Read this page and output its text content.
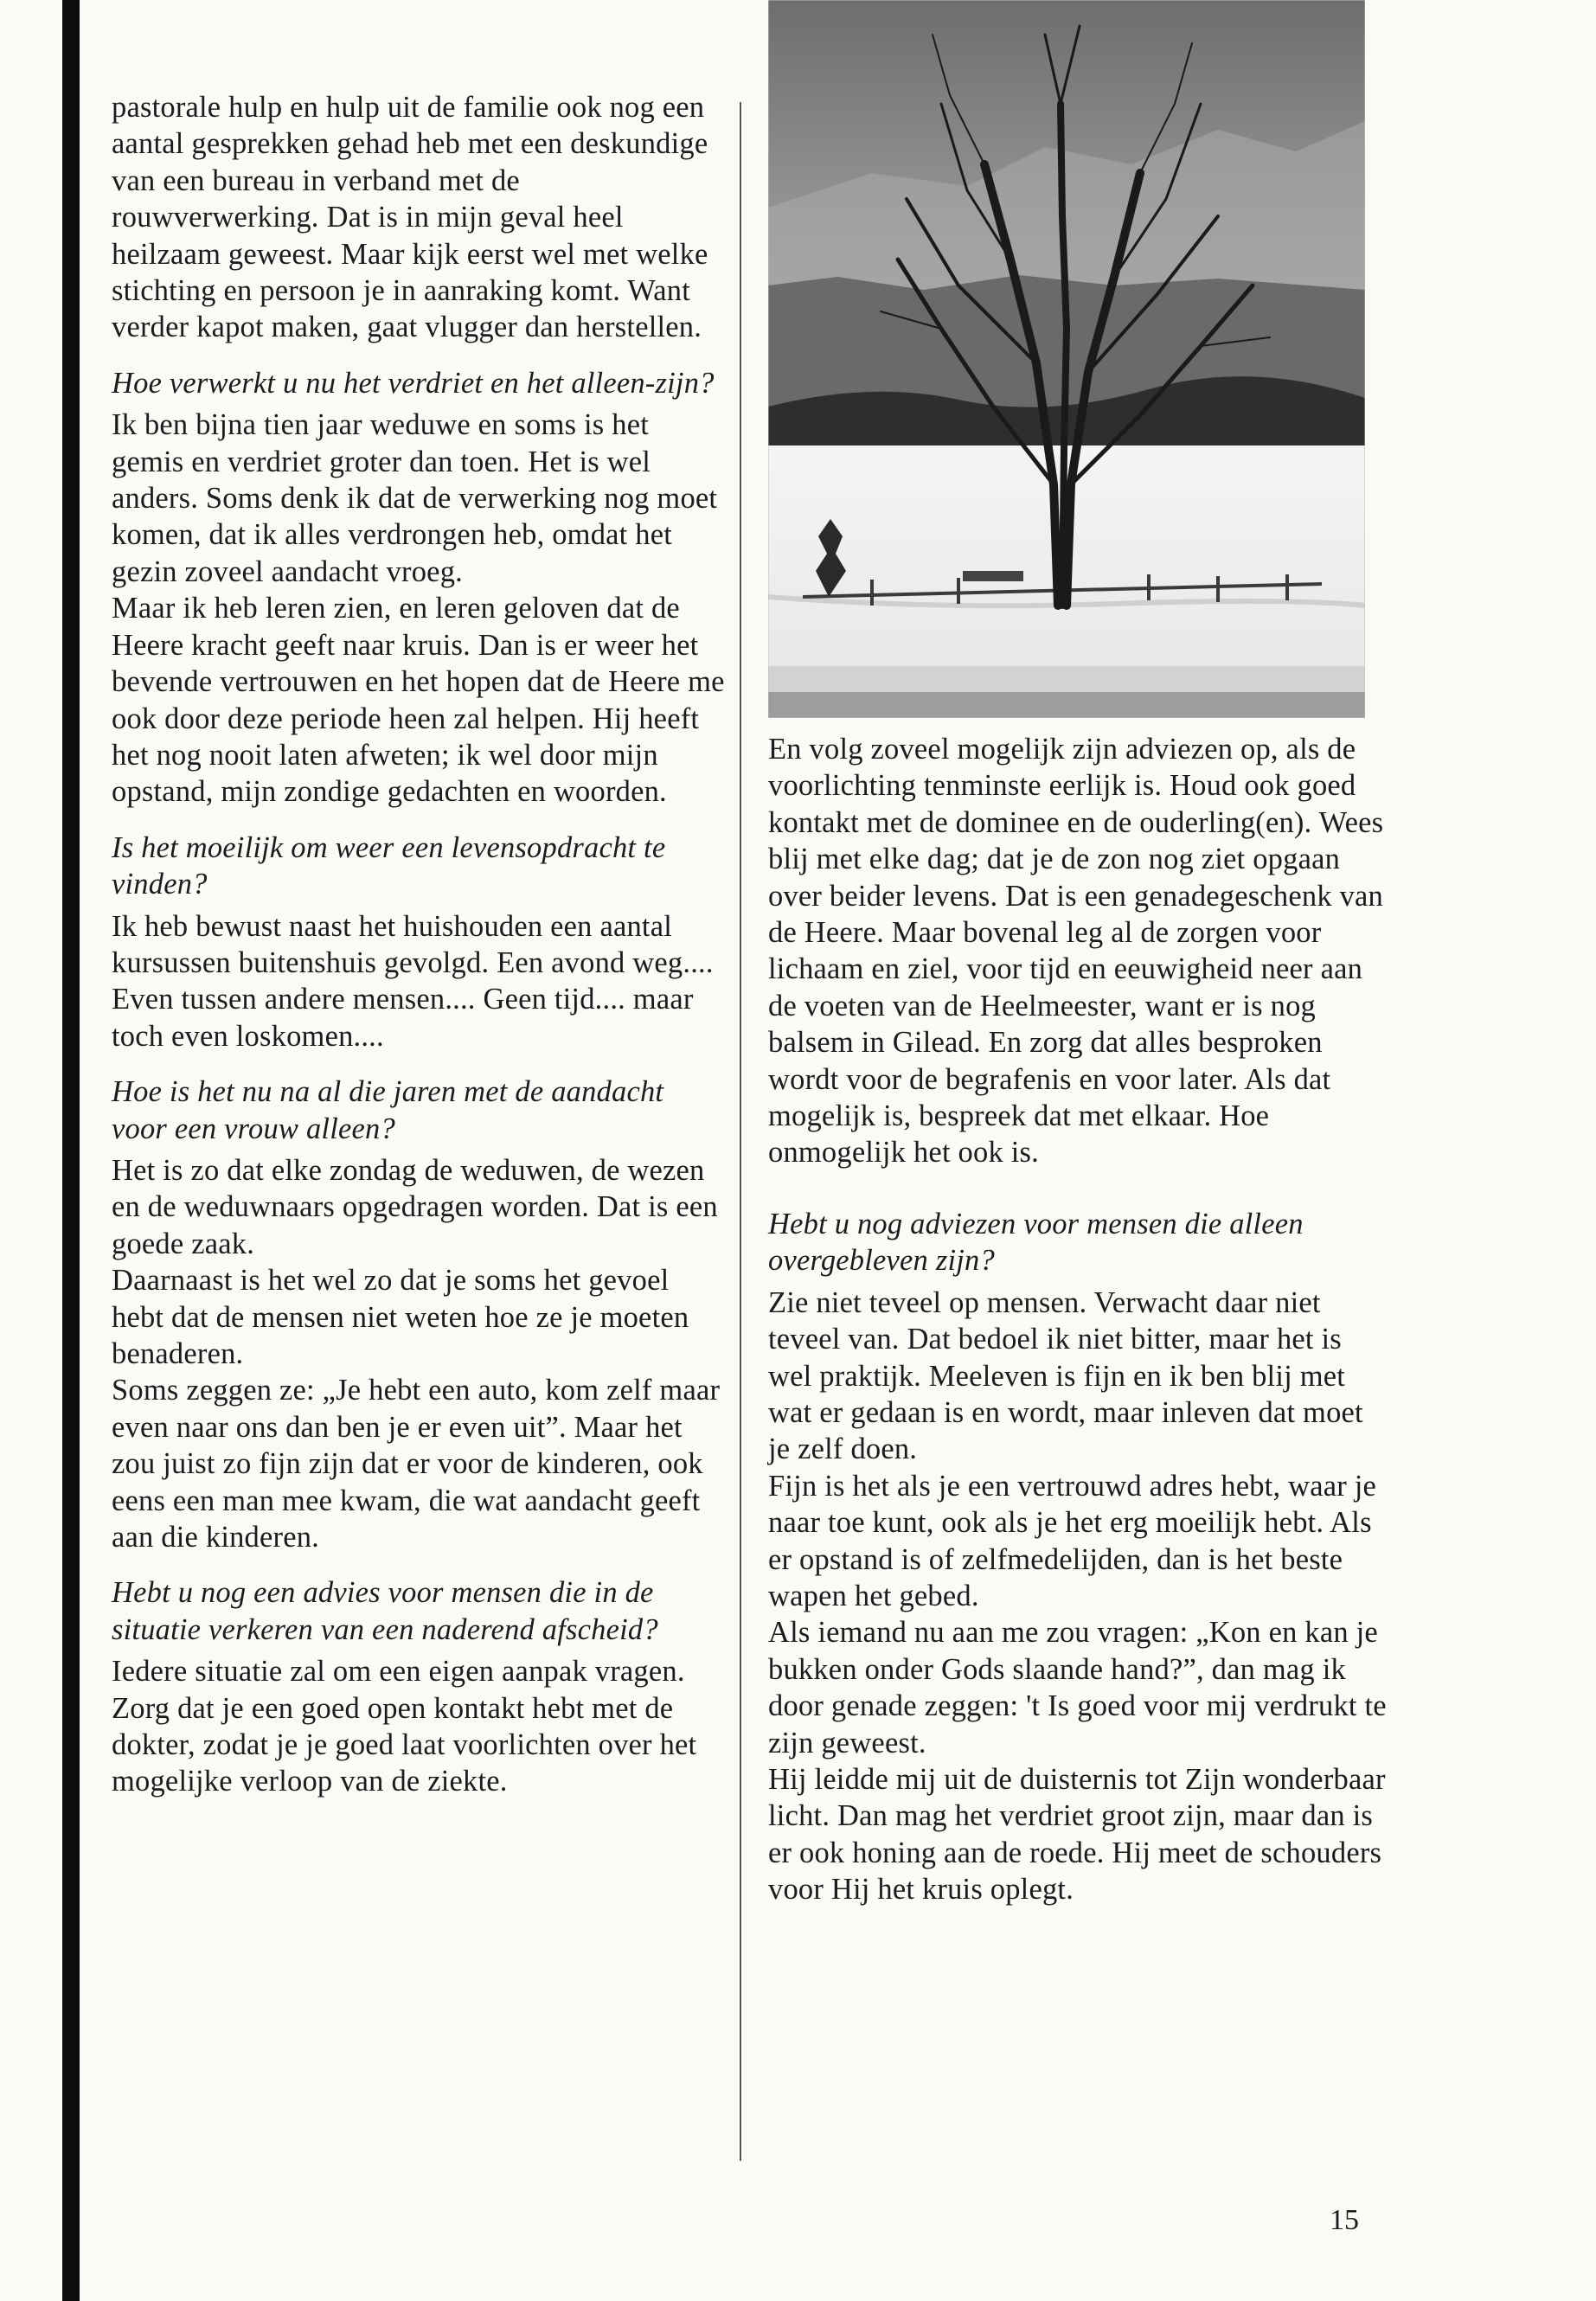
pastorale hulp en hulp uit de familie ook nog een aantal gesprekken gehad heb met een deskundige van een bureau in verband met de rouwverwerking. Dat is in mijn geval heel heilzaam geweest. Maar kijk eerst wel met welke stichting en persoon je in aanraking komt. Want verder kapot maken, gaat vlugger dan herstellen.

Hoe verwerkt u nu het verdriet en het alleen-zijn?

Ik ben bijna tien jaar weduwe en soms is het gemis en verdriet groter dan toen. Het is wel anders. Soms denk ik dat de verwerking nog moet komen, dat ik alles verdrongen heb, omdat het gezin zoveel aandacht vroeg.

Maar ik heb leren zien, en leren geloven dat de Heere kracht geeft naar kruis. Dan is er weer het bevende vertrouwen en het hopen dat de Heere me ook door deze periode heen zal helpen. Hij heeft het nog nooit laten afweten; ik wel door mijn opstand, mijn zondige gedachten en woorden.

Is het moeilijk om weer een levensopdracht te vinden?

Ik heb bewust naast het huishouden een aantal kursussen buitenshuis gevolgd. Een avond weg.... Even tussen andere mensen.... Geen tijd.... maar toch even loskomen....

Hoe is het nu na al die jaren met de aandacht voor een vrouw alleen?

Het is zo dat elke zondag de weduwen, de wezen en de weduwnaars opgedragen worden. Dat is een goede zaak.

Daarnaast is het wel zo dat je soms het gevoel hebt dat de mensen niet weten hoe ze je moeten benaderen.

Soms zeggen ze: „Je hebt een auto, kom zelf maar even naar ons dan ben je er even uit”. Maar het zou juist zo fijn zijn dat er voor de kinderen, ook eens een man mee kwam, die wat aandacht geeft aan die kinderen.

Hebt u nog een advies voor mensen die in de situatie verkeren van een naderend afscheid?

Iedere situatie zal om een eigen aanpak vragen. Zorg dat je een goed open kontakt hebt met de dokter, zodat je je goed laat voorlichten over het mogelijke verloop van de ziekte.

En volg zoveel mogelijk zijn adviezen op, als de voorlichting tenminste eerlijk is. Houd ook goed kontakt met de dominee en de ouderling(en). Wees blij met elke dag; dat je de zon nog ziet opgaan over beider levens. Dat is een genadegeschenk van de Heere. Maar bovenal leg al de zorgen voor lichaam en ziel, voor tijd en eeuwigheid neer aan de voeten van de Heelmeester, want er is nog balsem in Gilead. En zorg dat alles besproken wordt voor de begrafenis en voor later. Als dat mogelijk is, bespreek dat met elkaar. Hoe onmogelijk het ook is.

Hebt u nog adviezen voor mensen die alleen overgebleven zijn?

Zie niet teveel op mensen. Verwacht daar niet teveel van. Dat bedoel ik niet bitter, maar het is wel praktijk. Meeleven is fijn en ik ben blij met wat er gedaan is en wordt, maar inleven dat moet je zelf doen.

Fijn is het als je een vertrouwd adres hebt, waar je naar toe kunt, ook als je het erg moeilijk hebt. Als er opstand is of zelfmedelijden, dan is het beste wapen het gebed.

Als iemand nu aan me zou vragen: „Kon en kan je bukken onder Gods slaande hand?”, dan mag ik door genade zeggen: 't Is goed voor mij verdrukt te zijn geweest.

Hij leidde mij uit de duisternis tot Zijn wonderbaar licht. Dan mag het verdriet groot zijn, maar dan is er ook honing aan de roede. Hij meet de schouders voor Hij het kruis oplegt.

15
